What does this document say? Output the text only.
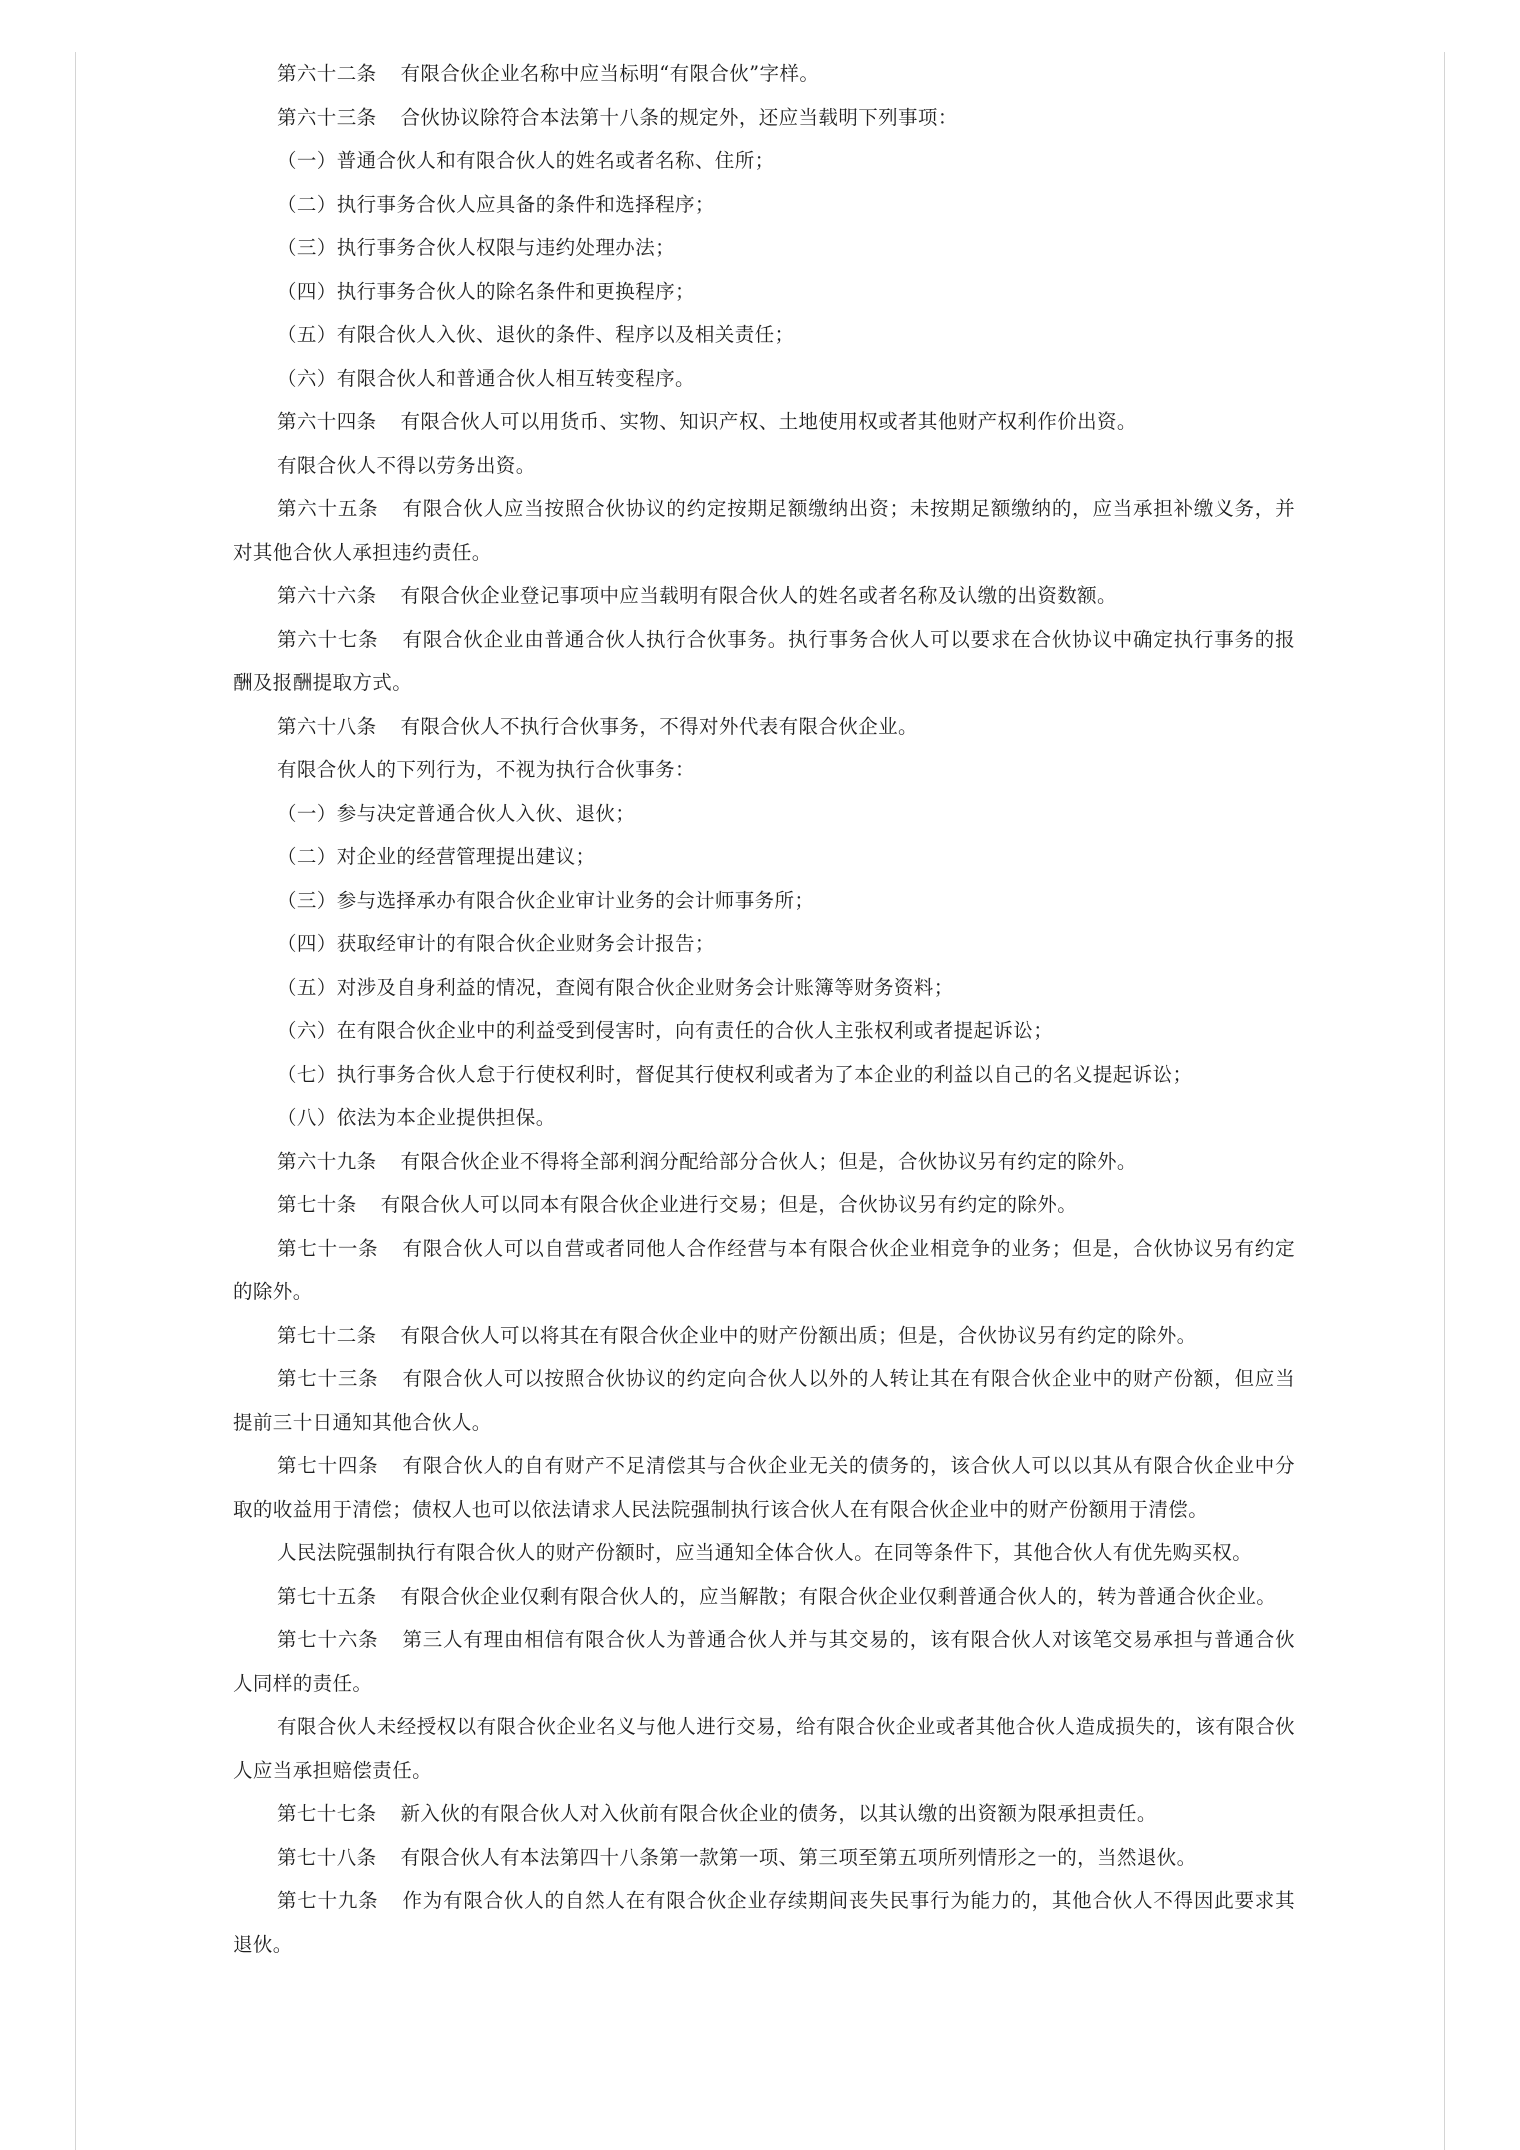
第六十二条 有限合伙企业名称中应当标明“有限合伙”字样。

第六十三条 合伙协议除符合本法第十八条的规定外，还应当载明下列事项：

（一）普通合伙人和有限合伙人的姓名或者名称、住所；

（二）执行事务合伙人应具备的条件和选择程序；

（三）执行事务合伙人权限与违约处理办法；

（四）执行事务合伙人的除名条件和更换程序；

（五）有限合伙人入伙、退伙的条件、程序以及相关责任；

（六）有限合伙人和普通合伙人相互转变程序。

第六十四条 有限合伙人可以用货币、实物、知识产权、土地使用权或者其他财产权利作价出资。

有限合伙人不得以劳务出资。

第六十五条 有限合伙人应当按照合伙协议的约定按期足额缴纳出资；未按期足额缴纳的，应当承担补缴义务，并对其他合伙人承担违约责任。

第六十六条 有限合伙企业登记事项中应当载明有限合伙人的姓名或者名称及认缴的出资数额。

第六十七条 有限合伙企业由普通合伙人执行合伙事务。执行事务合伙人可以要求在合伙协议中确定执行事务的报酬及报酬提取方式。

第六十八条 有限合伙人不执行合伙事务，不得对外代表有限合伙企业。

有限合伙人的下列行为，不视为执行合伙事务：

（一）参与决定普通合伙人入伙、退伙；

（二）对企业的经营管理提出建议；

（三）参与选择承办有限合伙企业审计业务的会计师事务所；

（四）获取经审计的有限合伙企业财务会计报告；

（五）对涉及自身利益的情况，查阅有限合伙企业财务会计账簿等财务资料；

（六）在有限合伙企业中的利益受到侵害时，向有责任的合伙人主张权利或者提起诉讼；

（七）执行事务合伙人怠于行使权利时，督促其行使权利或者为了本企业的利益以自己的名义提起诉讼；

（八）依法为本企业提供担保。

第六十九条 有限合伙企业不得将全部利润分配给部分合伙人；但是，合伙协议另有约定的除外。

第七十条 有限合伙人可以同本有限合伙企业进行交易；但是，合伙协议另有约定的除外。

第七十一条 有限合伙人可以自营或者同他人合作经营与本有限合伙企业相竞争的业务；但是，合伙协议另有约定的除外。

第七十二条 有限合伙人可以将其在有限合伙企业中的财产份额出质；但是，合伙协议另有约定的除外。

第七十三条 有限合伙人可以按照合伙协议的约定向合伙人以外的人转让其在有限合伙企业中的财产份额，但应当提前三十日通知其他合伙人。

第七十四条 有限合伙人的自有财产不足清偿其与合伙企业无关的债务的，该合伙人可以以其从有限合伙企业中分取的收益用于清偿；债权人也可以依法请求人民法院强制执行该合伙人在有限合伙企业中的财产份额用于清偿。

人民法院强制执行有限合伙人的财产份额时，应当通知全体合伙人。在同等条件下，其他合伙人有优先购买权。

第七十五条 有限合伙企业仅剩有限合伙人的，应当解散；有限合伙企业仅剩普通合伙人的，转为普通合伙企业。

第七十六条 第三人有理由相信有限合伙人为普通合伙人并与其交易的，该有限合伙人对该笔交易承担与普通合伙人同样的责任。

有限合伙人未经授权以有限合伙企业名义与他人进行交易，给有限合伙企业或者其他合伙人造成损失的，该有限合伙人应当承担赔偿责任。

第七十七条 新入伙的有限合伙人对入伙前有限合伙企业的债务，以其认缴的出资额为限承担责任。

第七十八条 有限合伙人有本法第四十八条第一款第一项、第三项至第五项所列情形之一的，当然退伙。

第七十九条 作为有限合伙人的自然人在有限合伙企业存续期间丧失民事行为能力的，其他合伙人不得因此要求其退伙。
